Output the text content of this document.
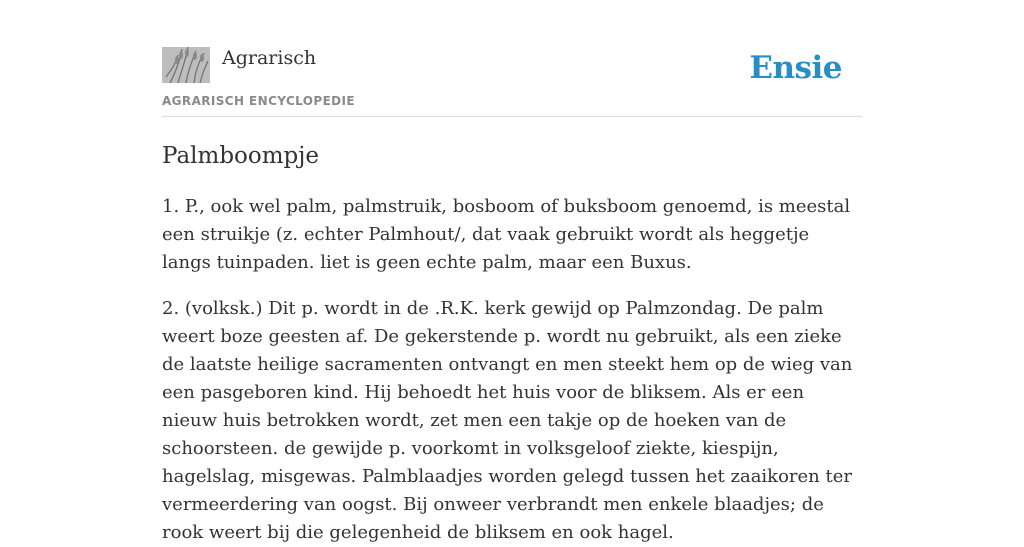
Agrarisch
AGRARISCH ENCYCLOPEDIE
Ensie
Palmboompje

1. P., ook wel palm, palmstruik, bosboom of buksboom genoemd, is meestal een struikje (z. echter Palmhout/, dat vaak gebruikt wordt als heggetje langs tuinpaden. liet is geen echte palm, maar een Buxus.

2. (volksk.) Dit p. wordt in de .R.K. kerk gewijd op Palmzondag. De palm weert boze geesten af. De gekerstende p. wordt nu gebruikt, als een zieke de laatste heilige sacramenten ontvangt en men steekt hem op de wieg van een pasgeboren kind. Hij behoedt het huis voor de bliksem. Als er een nieuw huis betrokken wordt, zet men een takje op de hoeken van de schoorsteen. de gewijde p. voorkomt in volksgeloof ziekte, kiespijn, hagelslag, misgewas. Palmblaadjes worden gelegd tussen het zaaikoren ter vermeerdering van oogst. Bij onweer verbrandt men enkele blaadjes; de rook weert bij die gelegenheid de bliksem en ook hagel.
